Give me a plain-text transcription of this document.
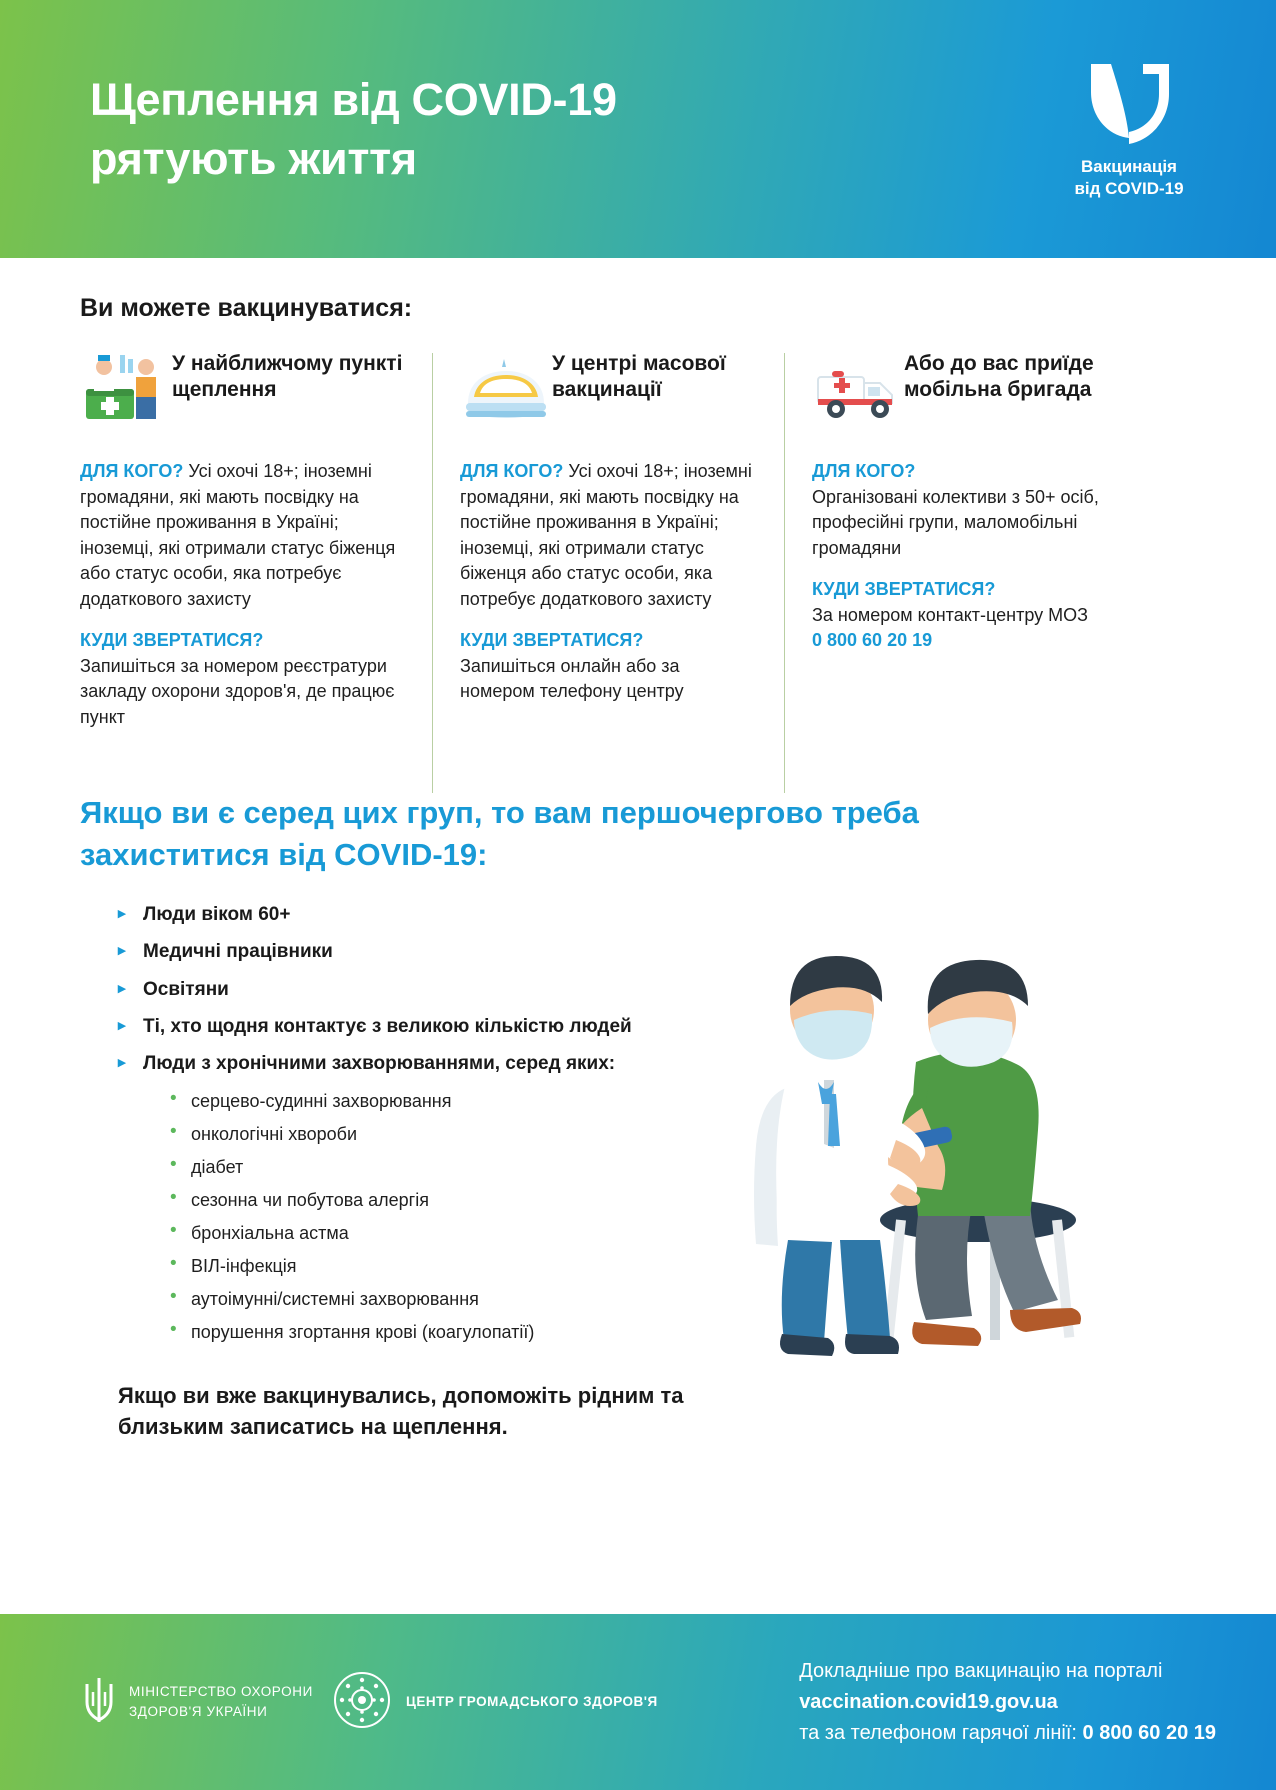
Щеплення від COVID-19
рятують життя	Вакцинація
від COVID-19
Ви можете вакцинуватися:
У найближчому пункті щеплення
ДЛЯ КОГО? Усі охочі 18+; іноземні громадяни, які мають посвідку на постійне проживання в Україні; іноземці, які отримали статус біженця або статус особи, яка потребує додаткового захисту
КУДИ ЗВЕРТАТИСЯ?
Запишіться за номером реєстратури закладу охорони здоров'я, де працює пункт
У центрі масової вакцинації
ДЛЯ КОГО? Усі охочі 18+; іноземні громадяни, які мають посвідку на постійне проживання в Україні; іноземці, які отримали статус біженця або статус особи, яка потребує додаткового захисту
КУДИ ЗВЕРТАТИСЯ?
Запишіться онлайн або за номером телефону центру
Або до вас приїде мобільна бригада
ДЛЯ КОГО?
Організовані колективи з 50+ осіб, професійні групи, маломобільні громадяни
КУДИ ЗВЕРТАТИСЯ?
За номером контакт-центру МОЗ
0 800 60 20 19
Якщо ви є серед цих груп, то вам першочергово треба захиститися від COVID-19:
▸ Люди віком 60+
▸ Медичні працівники
▸ Освітяни
▸ Ті, хто щодня контактує з великою кількістю людей
▸ Люди з хронічними захворюваннями, серед яких:
• серцево-судинні захворювання
• онкологічні хвороби
• діабет
• сезонна чи побутова алергія
• бронхіальна астма
• ВІЛ-інфекція
• аутоімунні/системні захворювання
• порушення згортання крові (коагулопатії)
Якщо ви вже вакцинувались, допоможіть рідним та близьким записатись на щеплення.
МІНІСТЕРСТВО ОХОРОНИ ЗДОРОВ'Я УКРАЇНИ
ЦЕНТР ГРОМАДСЬКОГО ЗДОРОВ'Я
Докладніше про вакцинацію на порталі
vaccination.covid19.gov.ua
та за телефоном гарячої лінії: 0 800 60 20 19
